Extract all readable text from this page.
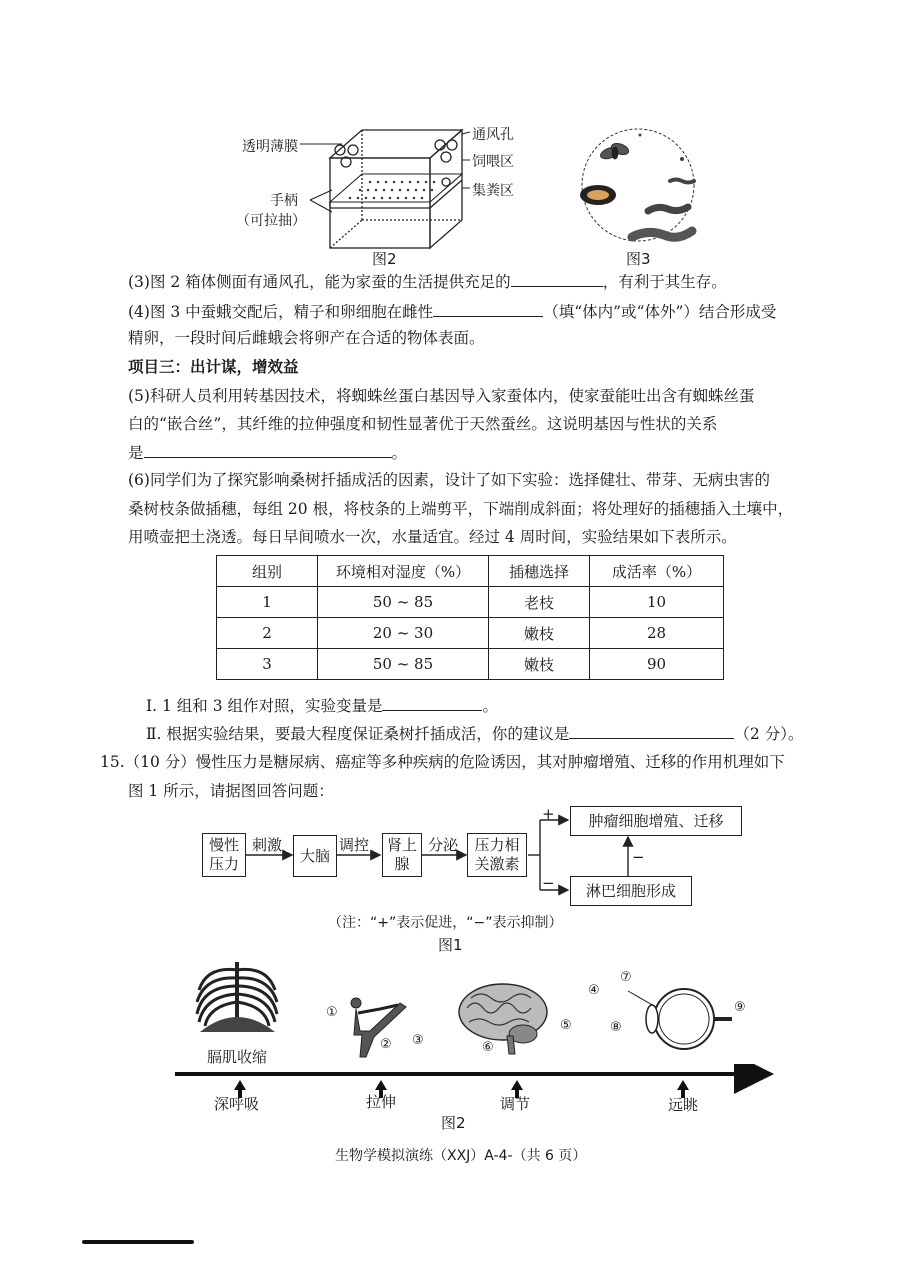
透明薄膜
通风孔
饲喂区
集粪区
手柄
（可拉抽）
图2	图3
(3)图 2 箱体侧面有通风孔，能为家蚕的生活提供充足的	，有利于其生存。
(4)图 3 中蚕蛾交配后，精子和卵细胞在雌性	（填“体内”或“体外”）结合形成受
精卵，一段时间后雌蛾会将卵产在合适的物体表面。
项目三：出计谋，增效益
(5)科研人员利用转基因技术，将蜘蛛丝蛋白基因导入家蚕体内，使家蚕能吐出含有蜘蛛丝蛋
白的“嵌合丝”，其纤维的拉伸强度和韧性显著优于天然蚕丝。这说明基因与性状的关系
是	。
(6)同学们为了探究影响桑树扦插成活的因素，设计了如下实验：选择健壮、带芽、无病虫害的
桑树枝条做插穗，每组 20 根，将枝条的上端剪平，下端削成斜面；将处理好的插穗插入土壤中，
用喷壶把土浇透。每日早间喷水一次，水量适宜。经过 4 周时间，实验结果如下表所示。
组别	环境相对湿度（%）	插穗选择	成活率（%）
1	50 ~ 85	老枝	10
2	20 ~ 30	嫩枝	28
3	50 ~ 85	嫩枝	90
Ⅰ. 1 组和 3 组作对照，实验变量是	。
Ⅱ. 根据实验结果，要最大程度保证桑树扦插成活，你的建议是	（2 分）。
15.（10 分）慢性压力是糖尿病、癌症等多种疾病的危险诱因，其对肿瘤增殖、迁移的作用机理如下
图 1 所示，请据图回答问题：
慢性压力
刺激
大脑
调控	肾上腺
分泌	压力相关激素
肿瘤细胞增殖、迁移
淋巴细胞形成
+
−
−
（注：“+”表示促进，“−”表示抑制）
图1
膈肌收缩
①
② ③
④
⑤
⑥
⑦
⑧
⑨
深呼吸	拉伸	调节	远眺
图2
生物学模拟演练（XXJ）A-4-（共 6 页）
